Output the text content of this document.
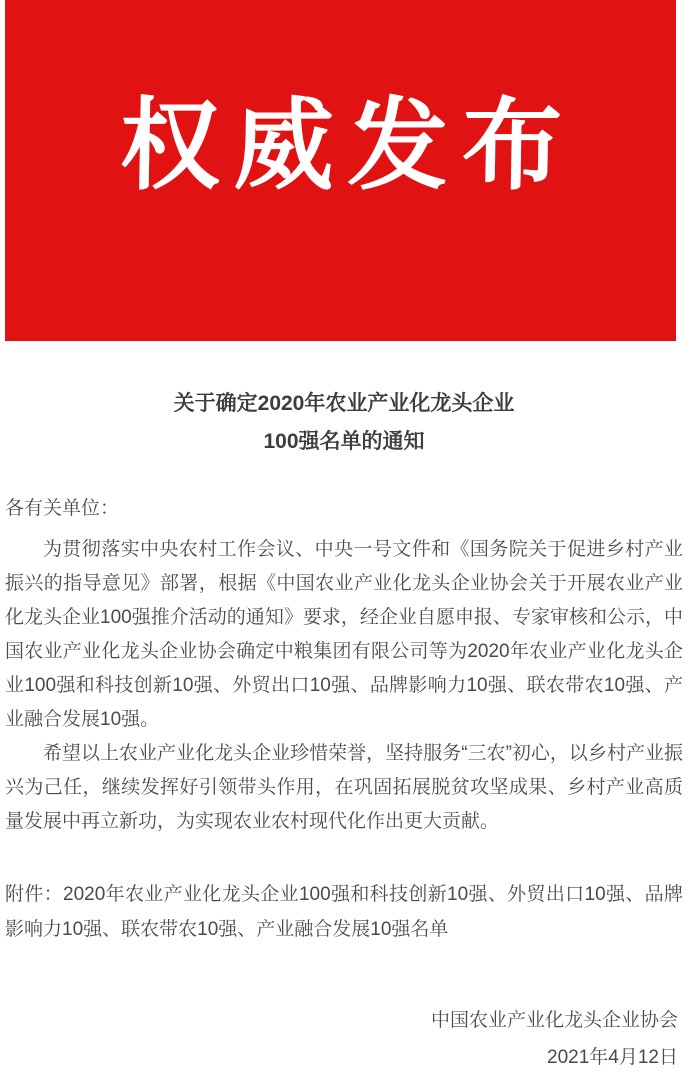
权威发布
关于确定2020年农业产业化龙头企业
100强名单的通知
各有关单位：

为贯彻落实中央农村工作会议、中央一号文件和《国务院关于促进乡村产业振兴的指导意见》部署，根据《中国农业产业化龙头企业协会关于开展农业产业化龙头企业100强推介活动的通知》要求，经企业自愿申报、专家审核和公示，中国农业产业化龙头企业协会确定中粮集团有限公司等为2020年农业产业化龙头企业100强和科技创新10强、外贸出口10强、品牌影响力10强、联农带农10强、产业融合发展10强。

希望以上农业产业化龙头企业珍惜荣誉，坚持服务“三农”初心，以乡村产业振兴为己任，继续发挥好引领带头作用，在巩固拓展脱贫攻坚成果、乡村产业高质量发展中再立新功，为实现农业农村现代化作出更大贡献。

附件：2020年农业产业化龙头企业100强和科技创新10强、外贸出口10强、品牌影响力10强、联农带农10强、产业融合发展10强名单

中国农业产业化龙头企业协会
2021年4月12日
